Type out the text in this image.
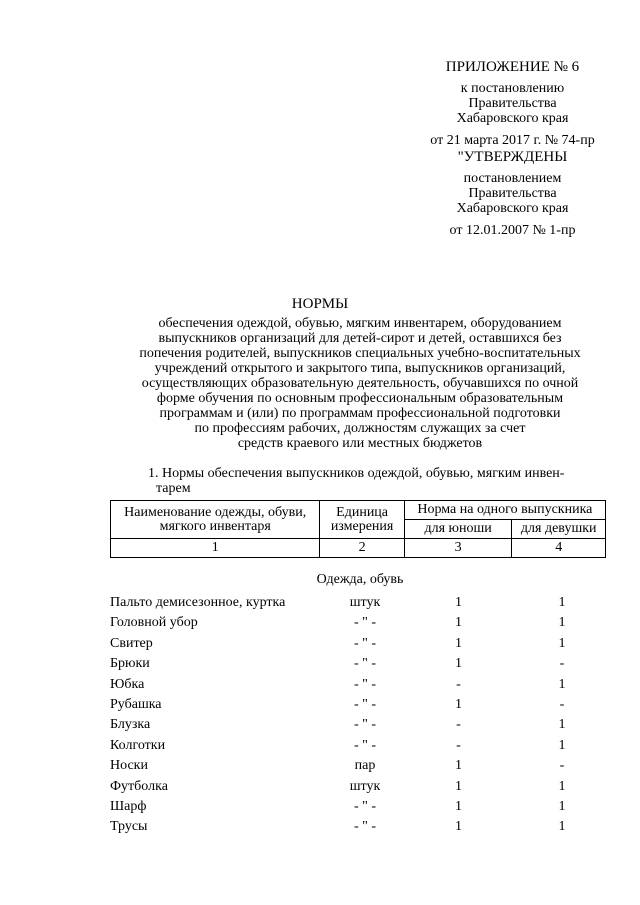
ПРИЛОЖЕНИЕ № 6
к постановлению
Правительства
Хабаровского края
от 21 марта 2017 г. № 74-пр
"УТВЕРЖДЕНЫ
постановлением
Правительства
Хабаровского края
от 12.01.2007 № 1-пр
НОРМЫ
обеспечения одеждой, обувью, мягким инвентарем, оборудованием
выпускников организаций для детей-сирот и детей, оставшихся без
попечения родителей, выпускников специальных учебно-воспитательных
учреждений открытого и закрытого типа, выпускников организаций,
осуществляющих образовательную деятельность, обучавшихся по очной
форме обучения по основным профессиональным образовательным
программам и (или) по программам профессиональной подготовки
по профессиям рабочих, должностям служащих за счет
средств краевого или местных бюджетов
1. Нормы обеспечения выпускников одеждой, обувью, мягким инвен-
тарем
Наименование одежды, обуви, мягкого инвентаря	Единица измерения	Норма на одного выпускника	
		для юноши	для девушки
1	2	3	4
Одежда, обувь
Пальто демисезонное, куртка	штук	1	1
Головной убор	- " -	1	1
Свитер	- " -	1	1
Брюки	- " -	1	-
Юбка	- " -	-	1
Рубашка	- " -	1	-
Блузка	- " -	-	1
Колготки	- " -	-	1
Носки	пар	1	-
Футболка	штук	1	1
Шарф	- " -	1	1
Трусы	- " -	1	1
